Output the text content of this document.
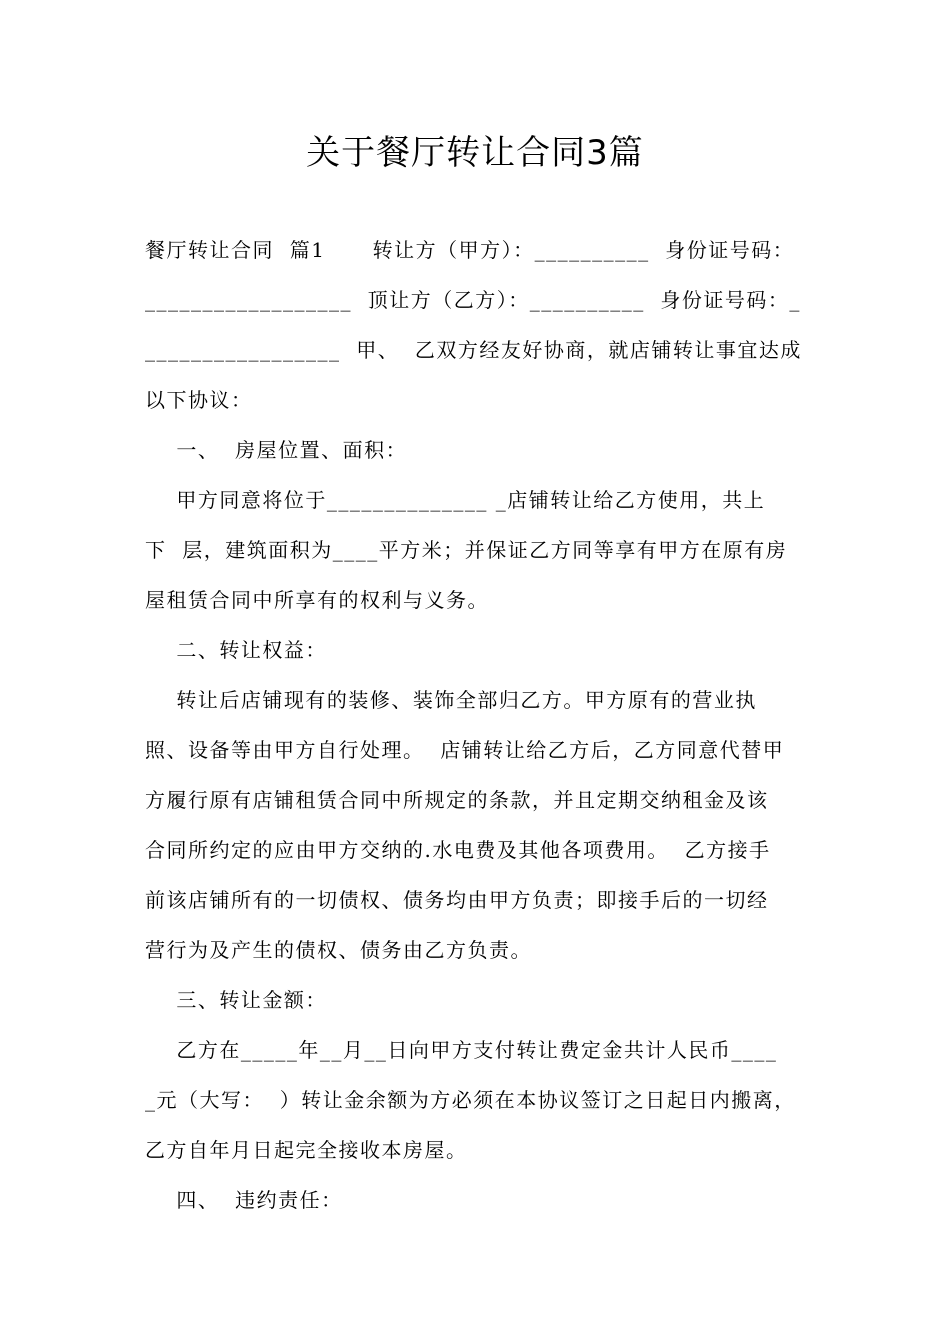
关于餐厅转让合同3篇
餐厅转让合同  篇1      转让方（甲方）：__________  身份证号码：
__________________  顶让方（乙方）：__________  身份证号码：_
_________________  甲、  乙双方经友好协商，就店铺转让事宜达成
以下协议：
一、  房屋位置、面积：
甲方同意将位于______________ _店铺转让给乙方使用，共上
下  层，建筑面积为____平方米；并保证乙方同等享有甲方在原有房
屋租赁合同中所享有的权利与义务。
二、转让权益：
转让后店铺现有的装修、装饰全部归乙方。甲方原有的营业执
照、设备等由甲方自行处理。  店铺转让给乙方后，乙方同意代替甲
方履行原有店铺租赁合同中所规定的条款，并且定期交纳租金及该
合同所约定的应由甲方交纳的.水电费及其他各项费用。  乙方接手
前该店铺所有的一切债权、债务均由甲方负责；即接手后的一切经
营行为及产生的债权、债务由乙方负责。
三、转让金额：
乙方在_____年__月__日向甲方支付转让费定金共计人民币____
_元（大写：  ）转让金余额为方必须在本协议签订之日起日内搬离，
乙方自年月日起完全接收本房屋。
四、  违约责任：
